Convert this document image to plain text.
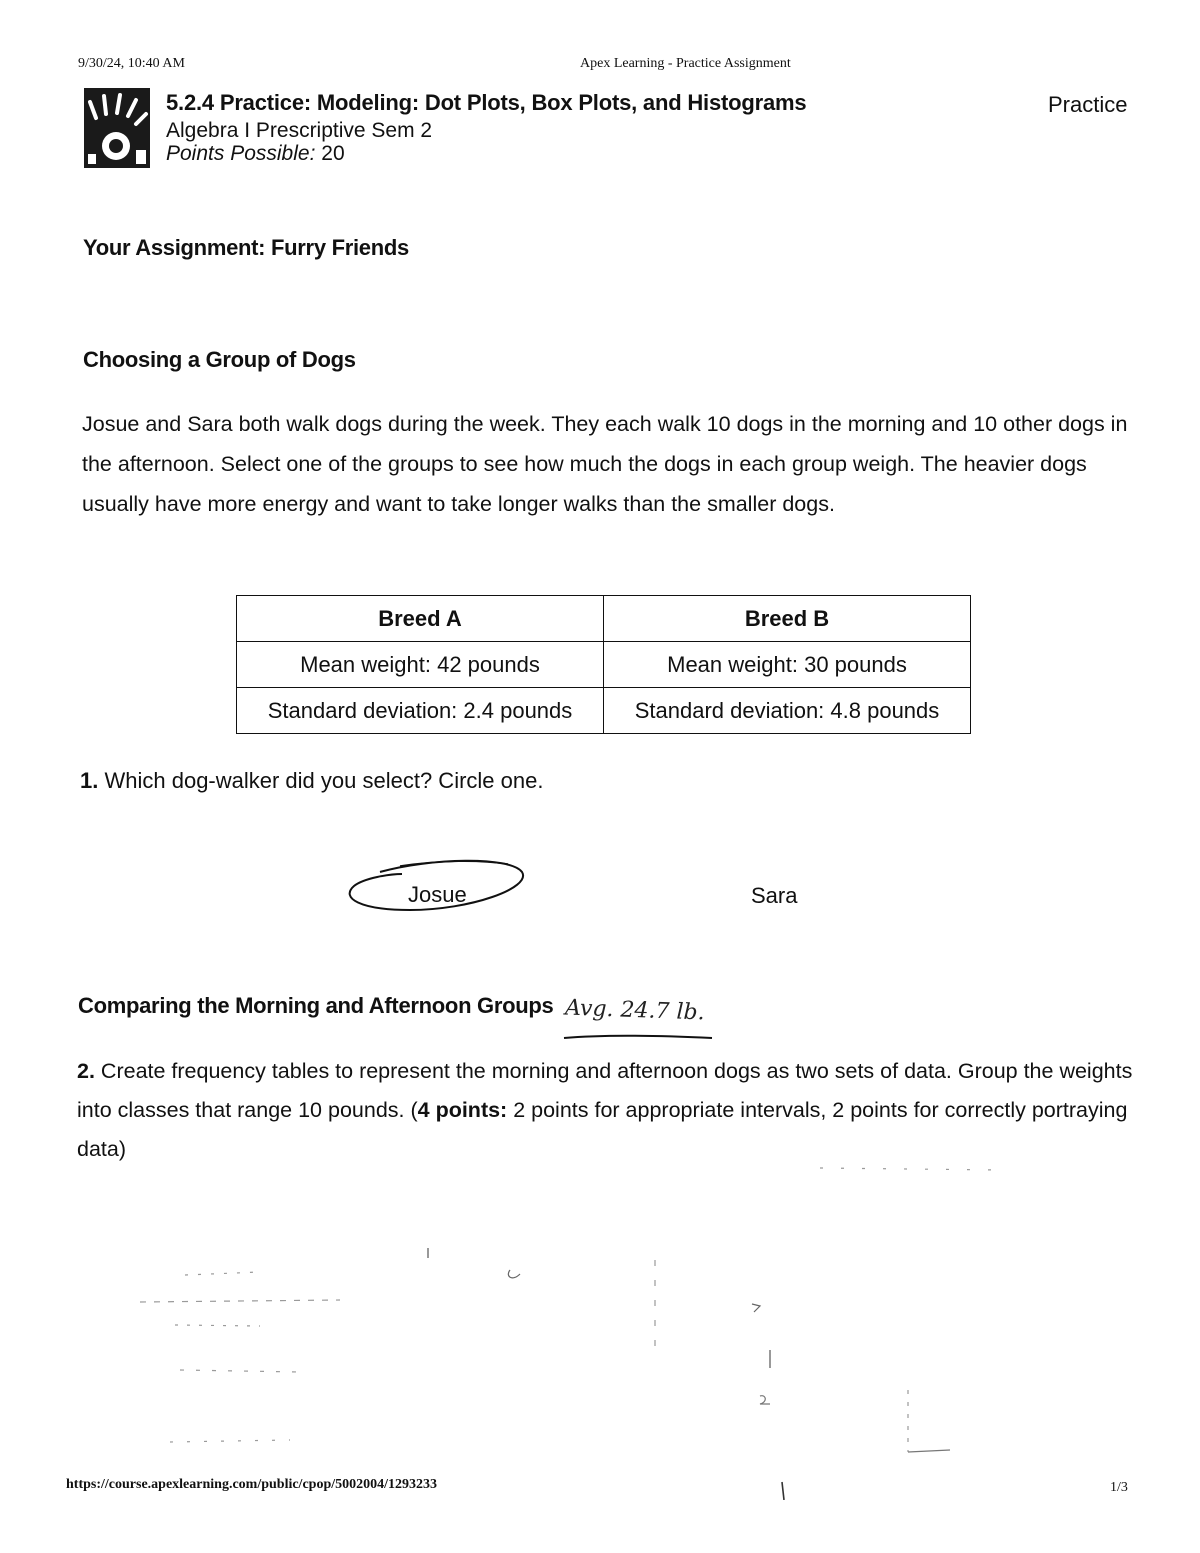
9/30/24, 10:40 AM	Apex Learning - Practice Assignment
5.2.4 Practice: Modeling: Dot Plots, Box Plots, and Histograms
Algebra I Prescriptive Sem 2
Points Possible: 20
Practice
Your Assignment: Furry Friends
Choosing a Group of Dogs
Josue and Sara both walk dogs during the week. They each walk 10 dogs in the morning and 10 other dogs in the afternoon. Select one of the groups to see how much the dogs in each group weigh. The heavier dogs usually have more energy and want to take longer walks than the smaller dogs.
Breed A	Breed B
Mean weight: 42 pounds	Mean weight: 30 pounds
Standard deviation: 2.4 pounds	Standard deviation: 4.8 pounds
1. Which dog-walker did you select? Circle one.
Josue	Sara
Comparing the Morning and Afternoon Groups Avg. 24.7 lb.
2. Create frequency tables to represent the morning and afternoon dogs as two sets of data. Group the weights into classes that range 10 pounds. (4 points: 2 points for appropriate intervals, 2 points for correctly portraying data)
https://course.apexlearning.com/public/cpop/5002004/1293233	1/3
